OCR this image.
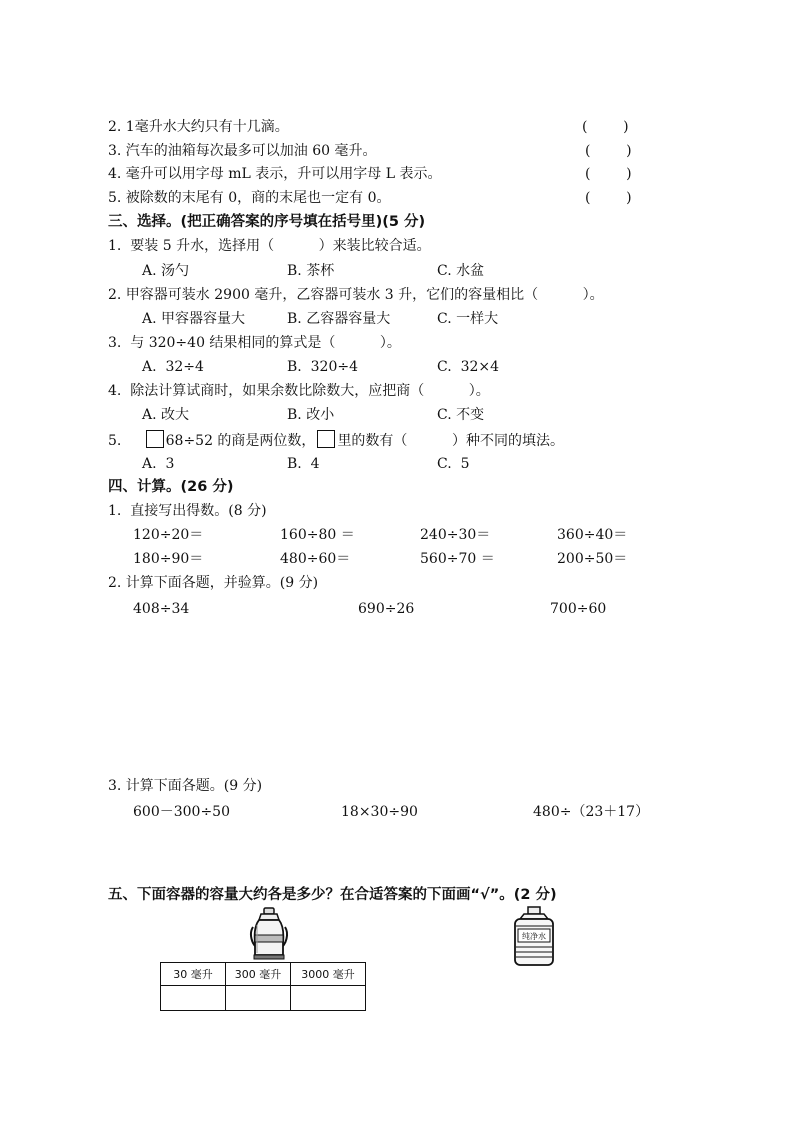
2. 1毫升水大约只有十几滴。	(        )
3. 汽车的油箱每次最多可以加油 60 毫升。	(        )
4. 毫升可以用字母 mL 表示，升可以用字母 L 表示。	(        )
5. 被除数的末尾有 0，商的末尾也一定有 0。	(        )
三、选择。(把正确答案的序号填在括号里)(5 分)
1.  要装 5 升水，选择用（          ）来装比较合适。
A. 汤勺	B. 茶杯	C. 水盆
2. 甲容器可装水 2900 毫升，乙容器可装水 3 升，它们的容量相比（          ）。
A. 甲容器容量大	B. 乙容器容量大	C. 一样大
3.  与 320÷40 结果相同的算式是（          ）。
A.  32÷4	B.  320÷4	C.  32×4
4.  除法计算试商时，如果余数比除数大，应把商（          ）。
A. 改大	B. 改小	C. 不变
5.	68÷52 的商是两位数， 里的数有（          ）种不同的填法。
A.  3	B.  4	C.  5
四、计算。(26 分)
1.  直接写出得数。(8 分)
120÷20＝	160÷80 ＝	240÷30＝	360÷40＝
180÷90＝	480÷60＝	560÷70 ＝	200÷50＝
2. 计算下面各题，并验算。(9 分)
408÷34	690÷26	700÷60
3. 计算下面各题。(9 分)
600－300÷50	18×30÷90	480÷（23＋17）
五、下面容器的容量大约各是多少？在合适答案的下面画“√”。(2 分)
纯净水
30 毫升	300 毫升	3000 毫升
